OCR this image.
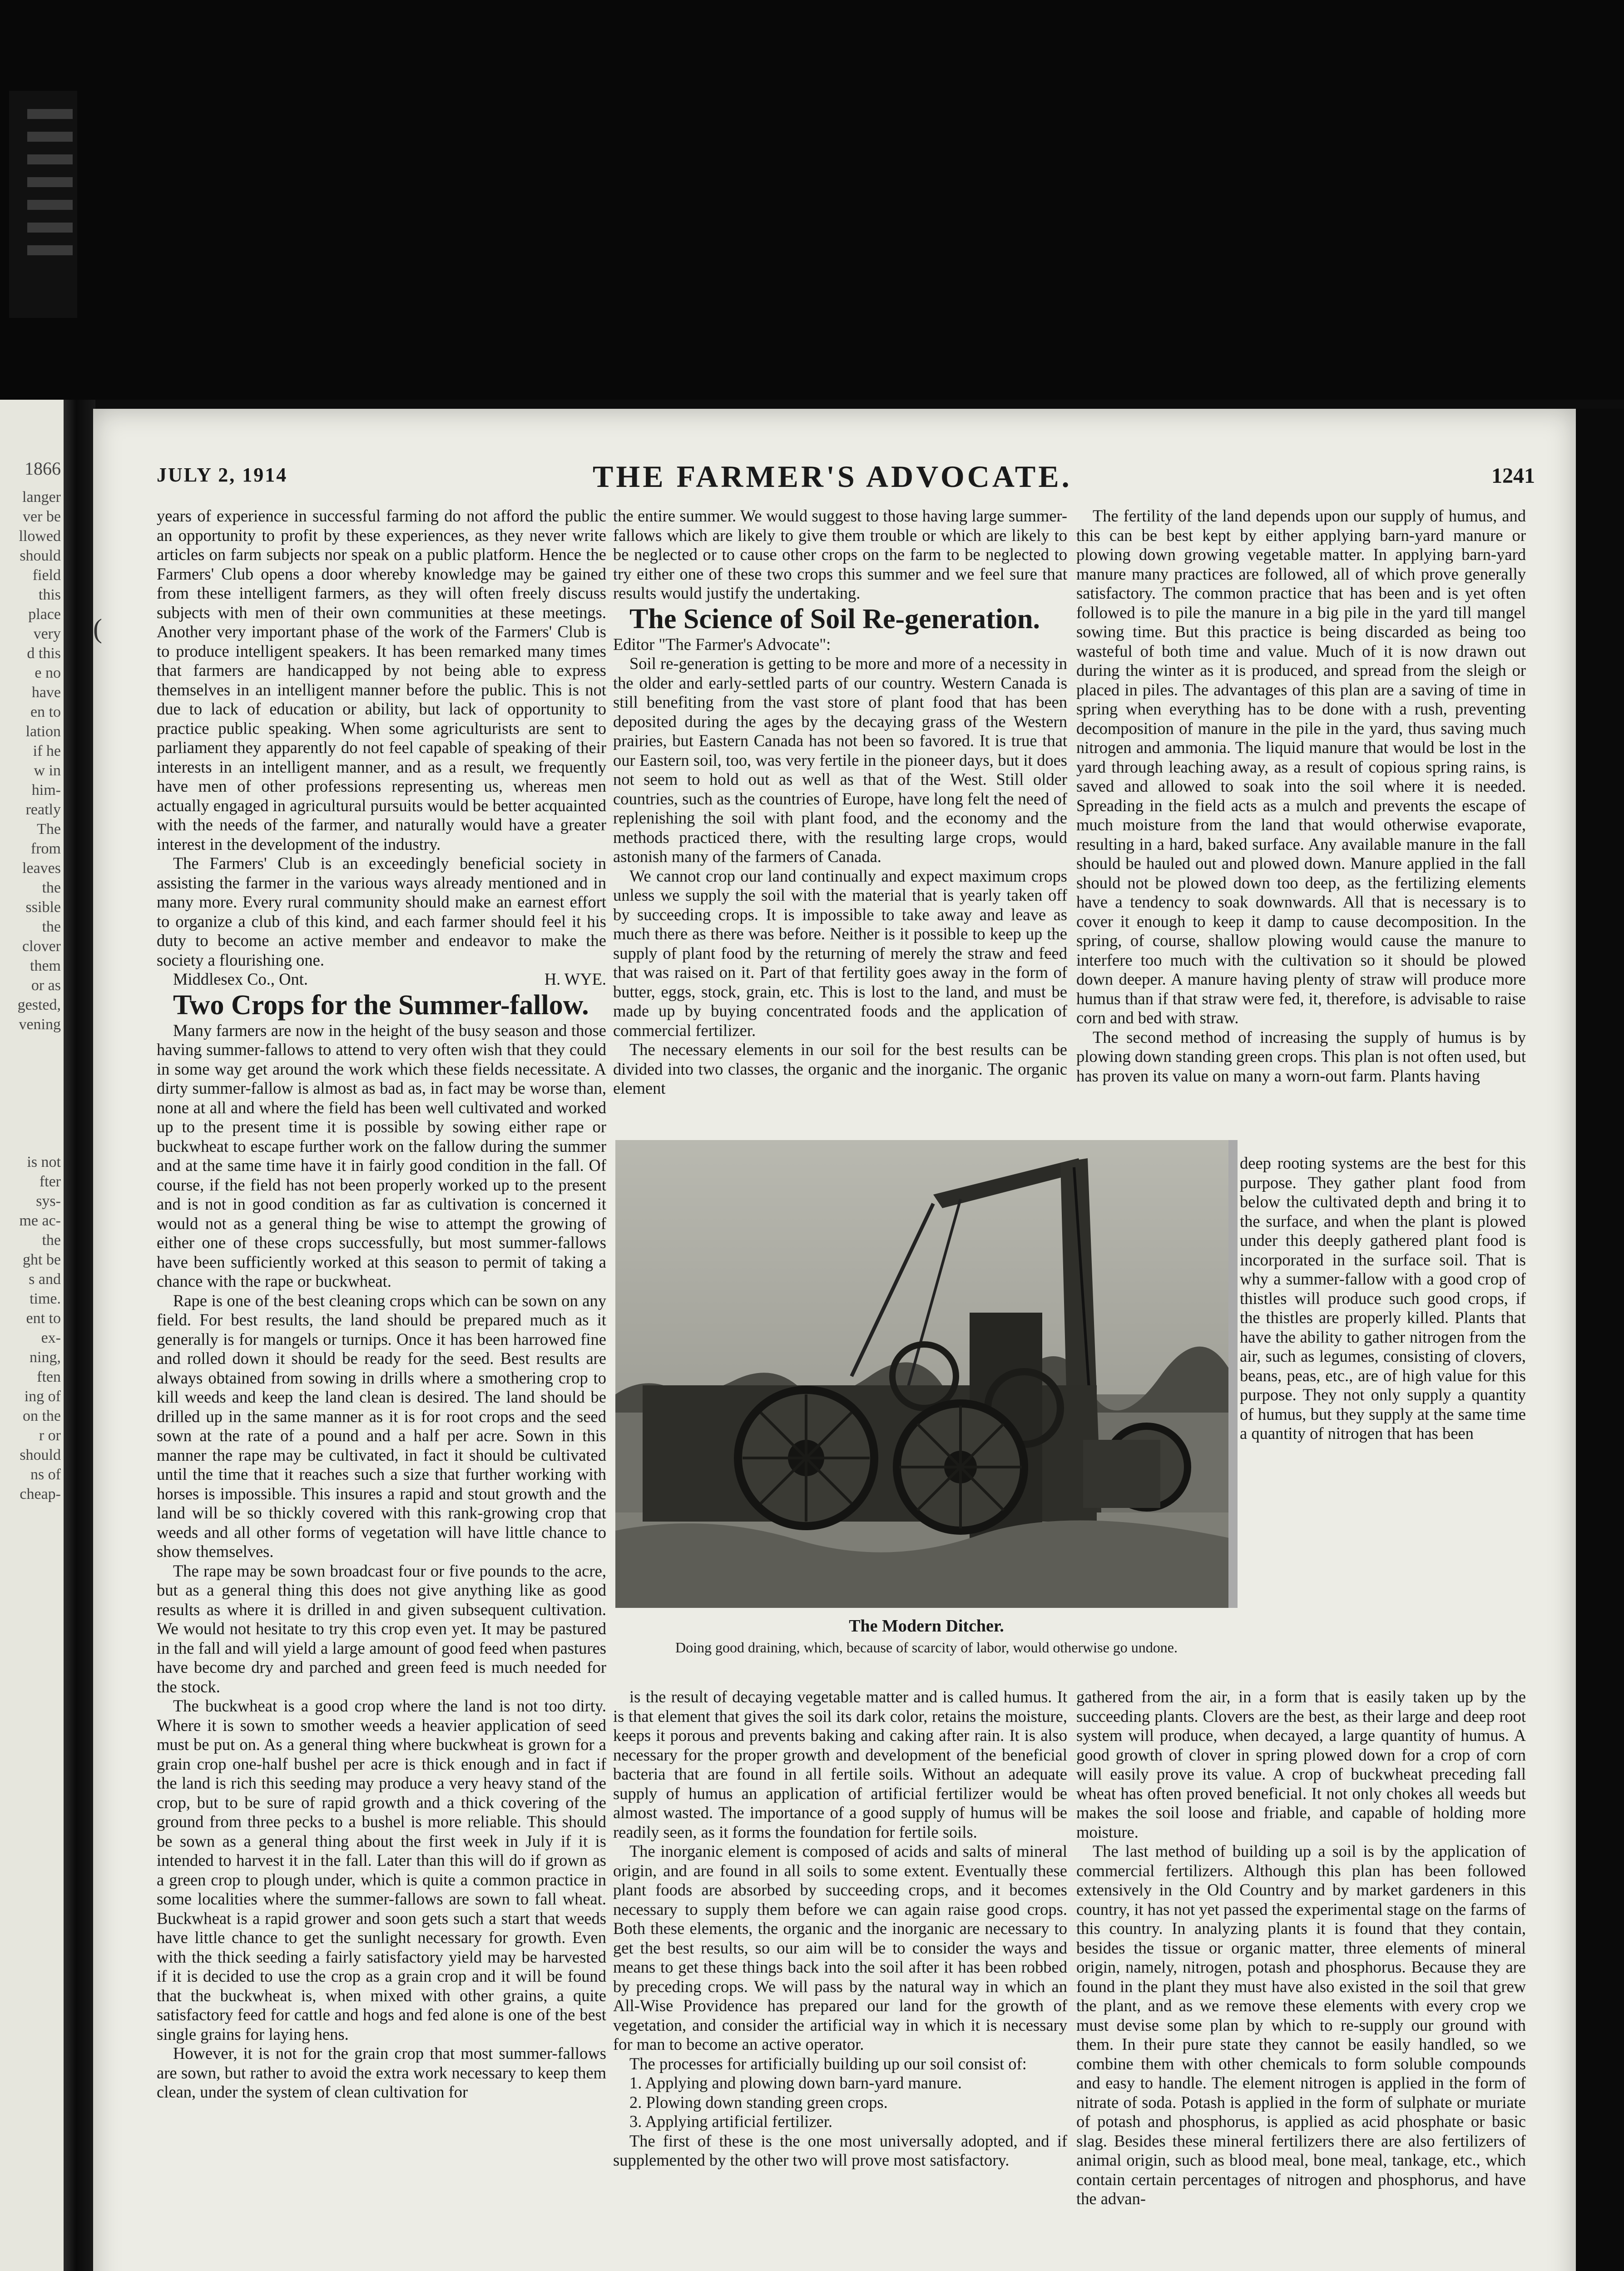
1866
langer
ver be
llowed
should
field
this
place
very
d this
e no
have
en to
lation
if he
w in
him-
reatly
The
from
leaves
the
ssible
the
clover
them
or as
gested,
vening
is not
fter
sys-
me ac-
the
ght be
s and
time.
ent to
ex-
ning,
ften
ing of
on the
r or
should
ns of
cheap-
JULY 2, 1914	THE FARMER'S ADVOCATE.	1241
(

years of experience in successful farming do not afford the public an opportunity to profit by these experiences, as they never write articles on farm subjects nor speak on a public platform. Hence the Farmers' Club opens a door whereby knowledge may be gained from these intelligent farmers, as they will often freely discuss subjects with men of their own communities at these meetings. Another very important phase of the work of the Farmers' Club is to produce intelligent speakers. It has been remarked many times that farmers are handicapped by not being able to express themselves in an intelligent manner before the public. This is not due to lack of education or ability, but lack of opportunity to practice public speaking. When some agriculturists are sent to parliament they apparently do not feel capable of speaking of their interests in an intelligent manner, and as a result, we frequently have men of other professions representing us, whereas men actually engaged in agricultural pursuits would be better acquainted with the needs of the farmer, and naturally would have a greater interest in the development of the industry.

The Farmers' Club is an exceedingly beneficial society in assisting the farmer in the various ways already mentioned and in many more. Every rural community should make an earnest effort to organize a club of this kind, and each farmer should feel it his duty to become an active member and endeavor to make the society a flourishing one.

Middlesex Co., Ont.	H. WYE.

Two Crops for the Summer-fallow.

Many farmers are now in the height of the busy season and those having summer-fallows to attend to very often wish that they could in some way get around the work which these fields necessitate. A dirty summer-fallow is almost as bad as, in fact may be worse than, none at all and where the field has been well cultivated and worked up to the present time it is possible by sowing either rape or buckwheat to escape further work on the fallow during the summer and at the same time have it in fairly good condition in the fall. Of course, if the field has not been properly worked up to the present and is not in good condition as far as cultivation is concerned it would not as a general thing be wise to attempt the growing of either one of these crops successfully, but most summer-fallows have been sufficiently worked at this season to permit of taking a chance with the rape or buckwheat.

Rape is one of the best cleaning crops which can be sown on any field. For best results, the land should be prepared much as it generally is for mangels or turnips. Once it has been harrowed fine and rolled down it should be ready for the seed. Best results are always obtained from sowing in drills where a smothering crop to kill weeds and keep the land clean is desired. The land should be drilled up in the same manner as it is for root crops and the seed sown at the rate of a pound and a half per acre. Sown in this manner the rape may be cultivated, in fact it should be cultivated until the time that it reaches such a size that further working with horses is impossible. This insures a rapid and stout growth and the land will be so thickly covered with this rank-growing crop that weeds and all other forms of vegetation will have little chance to show themselves.

The rape may be sown broadcast four or five pounds to the acre, but as a general thing this does not give anything like as good results as where it is drilled in and given subsequent cultivation. We would not hesitate to try this crop even yet. It may be pastured in the fall and will yield a large amount of good feed when pastures have become dry and parched and green feed is much needed for the stock.

The buckwheat is a good crop where the land is not too dirty. Where it is sown to smother weeds a heavier application of seed must be put on. As a general thing where buckwheat is grown for a grain crop one-half bushel per acre is thick enough and in fact if the land is rich this seeding may produce a very heavy stand of the crop, but to be sure of rapid growth and a thick covering of the ground from three pecks to a bushel is more reliable. This should be sown as a general thing about the first week in July if it is intended to harvest it in the fall. Later than this will do if grown as a green crop to plough under, which is quite a common practice in some localities where the summer-fallows are sown to fall wheat. Buckwheat is a rapid grower and soon gets such a start that weeds have little chance to get the sunlight necessary for growth. Even with the thick seeding a fairly satisfactory yield may be harvested if it is decided to use the crop as a grain crop and it will be found that the buckwheat is, when mixed with other grains, a quite satisfactory feed for cattle and hogs and fed alone is one of the best single grains for laying hens.

However, it is not for the grain crop that most summer-fallows are sown, but rather to avoid the extra work necessary to keep them clean, under the system of clean cultivation for

the entire summer. We would suggest to those having large summer-fallows which are likely to give them trouble or which are likely to be neglected or to cause other crops on the farm to be neglected to try either one of these two crops this summer and we feel sure that results would justify the undertaking.

The Science of Soil Re-generation.

Editor "The Farmer's Advocate":

Soil re-generation is getting to be more and more of a necessity in the older and early-settled parts of our country. Western Canada is still benefiting from the vast store of plant food that has been deposited during the ages by the decaying grass of the Western prairies, but Eastern Canada has not been so favored. It is true that our Eastern soil, too, was very fertile in the pioneer days, but it does not seem to hold out as well as that of the West. Still older countries, such as the countries of Europe, have long felt the need of replenishing the soil with plant food, and the economy and the methods practiced there, with the resulting large crops, would astonish many of the farmers of Canada.

We cannot crop our land continually and expect maximum crops unless we supply the soil with the material that is yearly taken off by succeeding crops. It is impossible to take away and leave as much there as there was before. Neither is it possible to keep up the supply of plant food by the returning of merely the straw and feed that was raised on it. Part of that fertility goes away in the form of butter, eggs, stock, grain, etc. This is lost to the land, and must be made up by buying concentrated foods and the application of commercial fertilizer.

The necessary elements in our soil for the best results can be divided into two classes, the organic and the inorganic. The organic element

The Modern Ditcher.
Doing good draining, which, because of scarcity of labor, would otherwise go undone.

is the result of decaying vegetable matter and is called humus. It is that element that gives the soil its dark color, retains the moisture, keeps it porous and prevents baking and caking after rain. It is also necessary for the proper growth and development of the beneficial bacteria that are found in all fertile soils. Without an adequate supply of humus an application of artificial fertilizer would be almost wasted. The importance of a good supply of humus will be readily seen, as it forms the foundation for fertile soils.

The inorganic element is composed of acids and salts of mineral origin, and are found in all soils to some extent. Eventually these plant foods are absorbed by succeeding crops, and it becomes necessary to supply them before we can again raise good crops. Both these elements, the organic and the inorganic are necessary to get the best results, so our aim will be to consider the ways and means to get these things back into the soil after it has been robbed by preceding crops. We will pass by the natural way in which an All-Wise Providence has prepared our land for the growth of vegetation, and consider the artificial way in which it is necessary for man to become an active operator.

The processes for artificially building up our soil consist of:

1. Applying and plowing down barn-yard manure.

2. Plowing down standing green crops.

3. Applying artificial fertilizer.

The first of these is the one most universally adopted, and if supplemented by the other two will prove most satisfactory.

The fertility of the land depends upon our supply of humus, and this can be best kept by either applying barn-yard manure or plowing down growing vegetable matter. In applying barn-yard manure many practices are followed, all of which prove generally satisfactory. The common practice that has been and is yet often followed is to pile the manure in a big pile in the yard till mangel sowing time. But this practice is being discarded as being too wasteful of both time and value. Much of it is now drawn out during the winter as it is produced, and spread from the sleigh or placed in piles. The advantages of this plan are a saving of time in spring when everything has to be done with a rush, preventing decomposition of manure in the pile in the yard, thus saving much nitrogen and ammonia. The liquid manure that would be lost in the yard through leaching away, as a result of copious spring rains, is saved and allowed to soak into the soil where it is needed. Spreading in the field acts as a mulch and prevents the escape of much moisture from the land that would otherwise evaporate, resulting in a hard, baked surface. Any available manure in the fall should be hauled out and plowed down. Manure applied in the fall should not be plowed down too deep, as the fertilizing elements have a tendency to soak downwards. All that is necessary is to cover it enough to keep it damp to cause decomposition. In the spring, of course, shallow plowing would cause the manure to interfere too much with the cultivation so it should be plowed down deeper. A manure having plenty of straw will produce more humus than if that straw were fed, it, therefore, is advisable to raise corn and bed with straw.

The second method of increasing the supply of humus is by plowing down standing green crops. This plan is not often used, but has proven its value on many a worn-out farm. Plants having

deep rooting systems are the best for this purpose. They gather plant food from below the cultivated depth and bring it to the surface, and when the plant is plowed under this deeply gathered plant food is incorporated in the surface soil. That is why a summer-fallow with a good crop of thistles will produce such good crops, if the thistles are properly killed. Plants that have the ability to gather nitrogen from the air, such as legumes, consisting of clovers, beans, peas, etc., are of high value for this purpose. They not only supply a quantity of humus, but they supply at the same time a quantity of nitrogen that has been

gathered from the air, in a form that is easily taken up by the succeeding plants. Clovers are the best, as their large and deep root system will produce, when decayed, a large quantity of humus. A good growth of clover in spring plowed down for a crop of corn will easily prove its value. A crop of buckwheat preceding fall wheat has often proved beneficial. It not only chokes all weeds but makes the soil loose and friable, and capable of holding more moisture.

The last method of building up a soil is by the application of commercial fertilizers. Although this plan has been followed extensively in the Old Country and by market gardeners in this country, it has not yet passed the experimental stage on the farms of this country. In analyzing plants it is found that they contain, besides the tissue or organic matter, three elements of mineral origin, namely, nitrogen, potash and phosphorus. Because they are found in the plant they must have also existed in the soil that grew the plant, and as we remove these elements with every crop we must devise some plan by which to re-supply our ground with them. In their pure state they cannot be easily handled, so we combine them with other chemicals to form soluble compounds and easy to handle. The element nitrogen is applied in the form of nitrate of soda. Potash is applied in the form of sulphate or muriate of potash and phosphorus, is applied as acid phosphate or basic slag. Besides these mineral fertilizers there are also fertilizers of animal origin, such as blood meal, bone meal, tankage, etc., which contain certain percentages of nitrogen and phosphorus, and have the advan-
